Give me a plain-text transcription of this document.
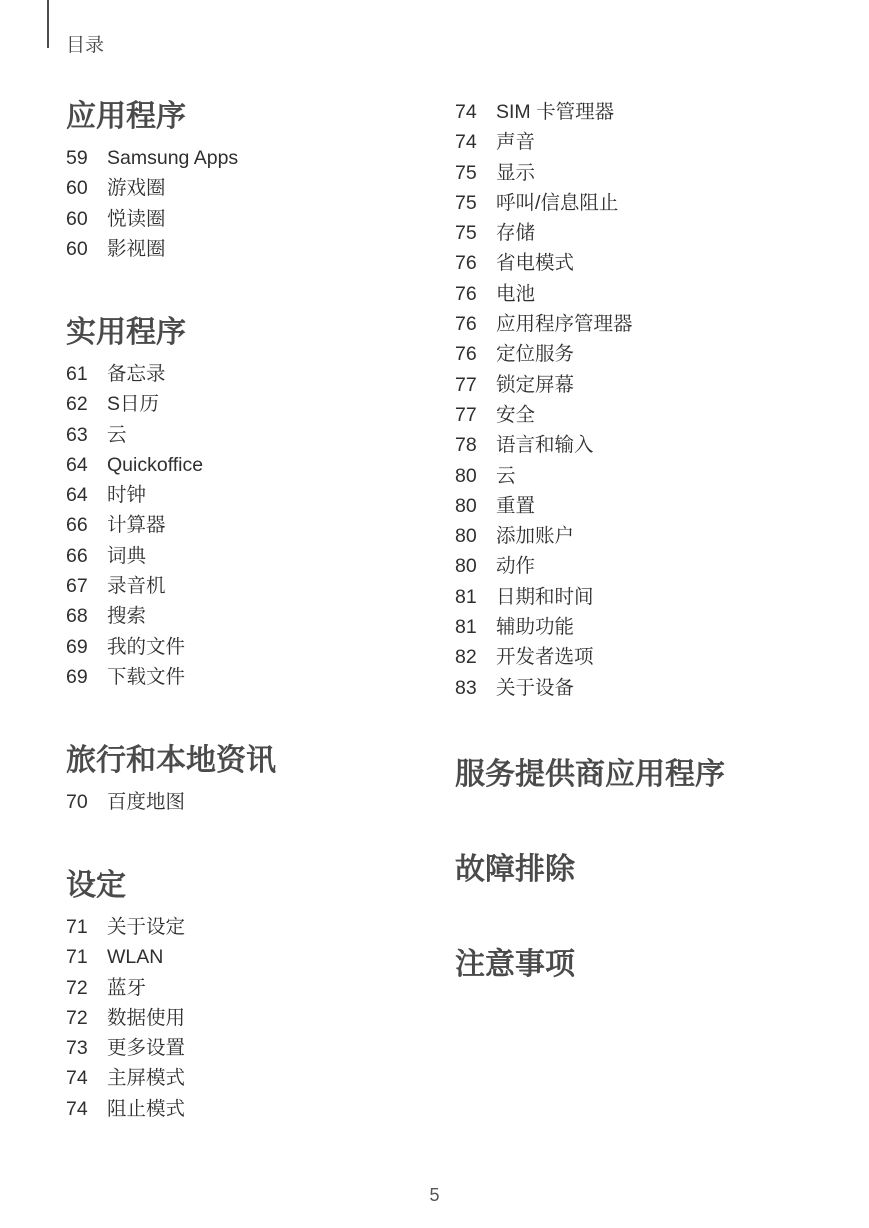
目录
应用程序
59 Samsung Apps
60 游戏圈
60 悦读圈
60 影视圈
实用程序
61 备忘录
62 S日历
63 云
64 Quickoffice
64 时钟
66 计算器
66 词典
67 录音机
68 搜索
69 我的文件
69 下载文件
旅行和本地资讯
70 百度地图
设定
71 关于设定
71 WLAN
72 蓝牙
72 数据使用
73 更多设置
74 主屏模式
74 阻止模式
74 SIM 卡管理器
74 声音
75 显示
75 呼叫/信息阻止
75 存储
76 省电模式
76 电池
76 应用程序管理器
76 定位服务
77 锁定屏幕
77 安全
78 语言和输入
80 云
80 重置
80 添加账户
80 动作
81 日期和时间
81 辅助功能
82 开发者选项
83 关于设备
服务提供商应用程序
故障排除
注意事项
5
